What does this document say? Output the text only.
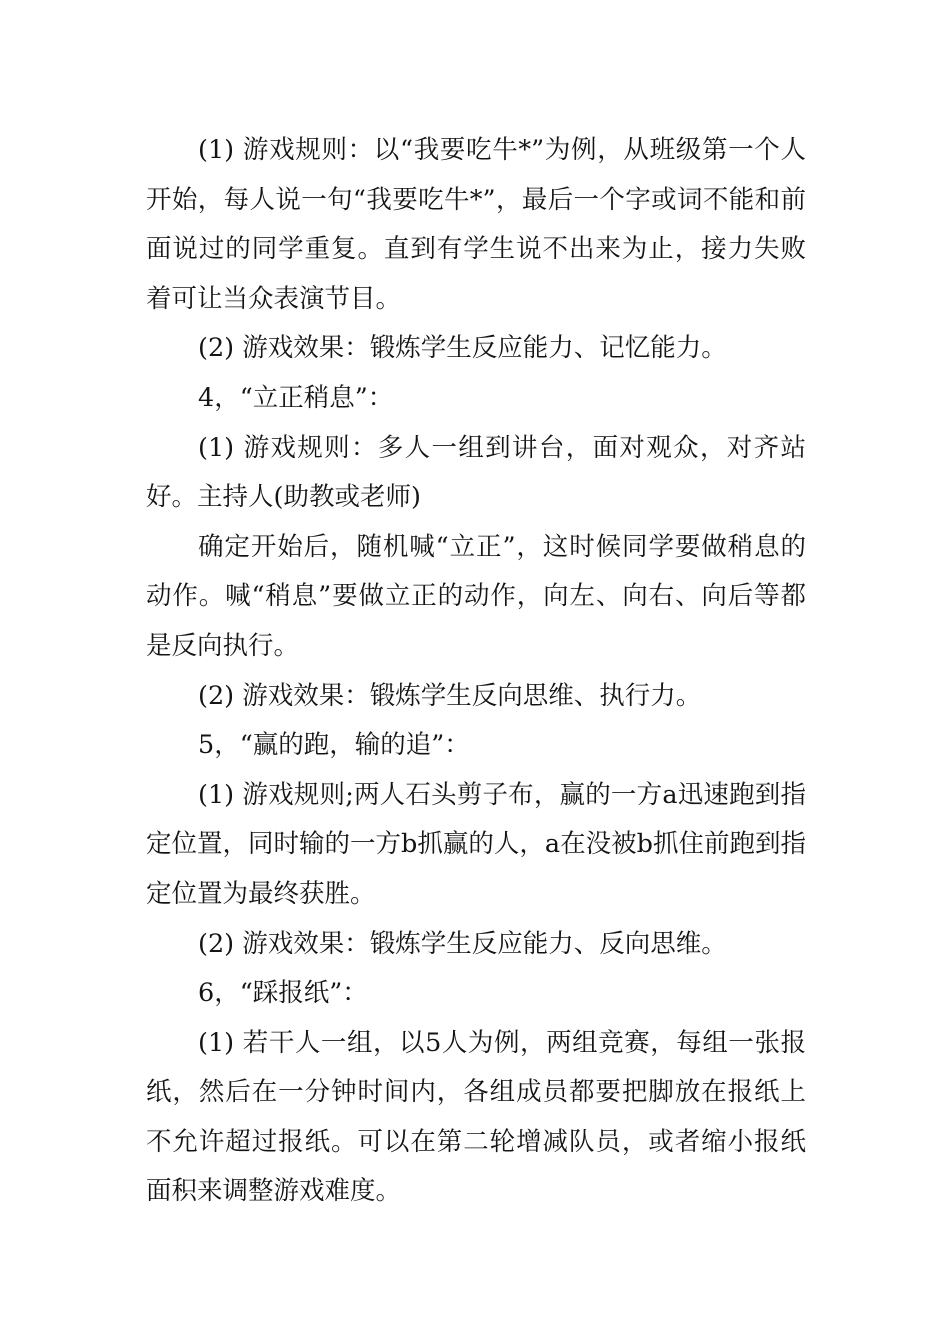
(1) 游戏规则：以“我要吃牛*”为例，从班级第一个人开始，每人说一句“我要吃牛*”，最后一个字或词不能和前面说过的同学重复。直到有学生说不出来为止，接力失败着可让当众表演节目。

(2) 游戏效果：锻炼学生反应能力、记忆能力。

4，“立正稍息”：

(1) 游戏规则：多人一组到讲台，面对观众，对齐站好。主持人(助教或老师)

确定开始后，随机喊“立正”，这时候同学要做稍息的动作。喊“稍息”要做立正的动作，向左、向右、向后等都是反向执行。

(2) 游戏效果：锻炼学生反向思维、执行力。

5，“赢的跑，输的追”：

(1) 游戏规则;两人石头剪子布，赢的一方a迅速跑到指定位置，同时输的一方b抓赢的人，a在没被b抓住前跑到指定位置为最终获胜。

(2) 游戏效果：锻炼学生反应能力、反向思维。

6，“踩报纸”：

(1) 若干人一组，以5人为例，两组竞赛，每组一张报纸，然后在一分钟时间内，各组成员都要把脚放在报纸上不允许超过报纸。可以在第二轮增减队员，或者缩小报纸面积来调整游戏难度。
